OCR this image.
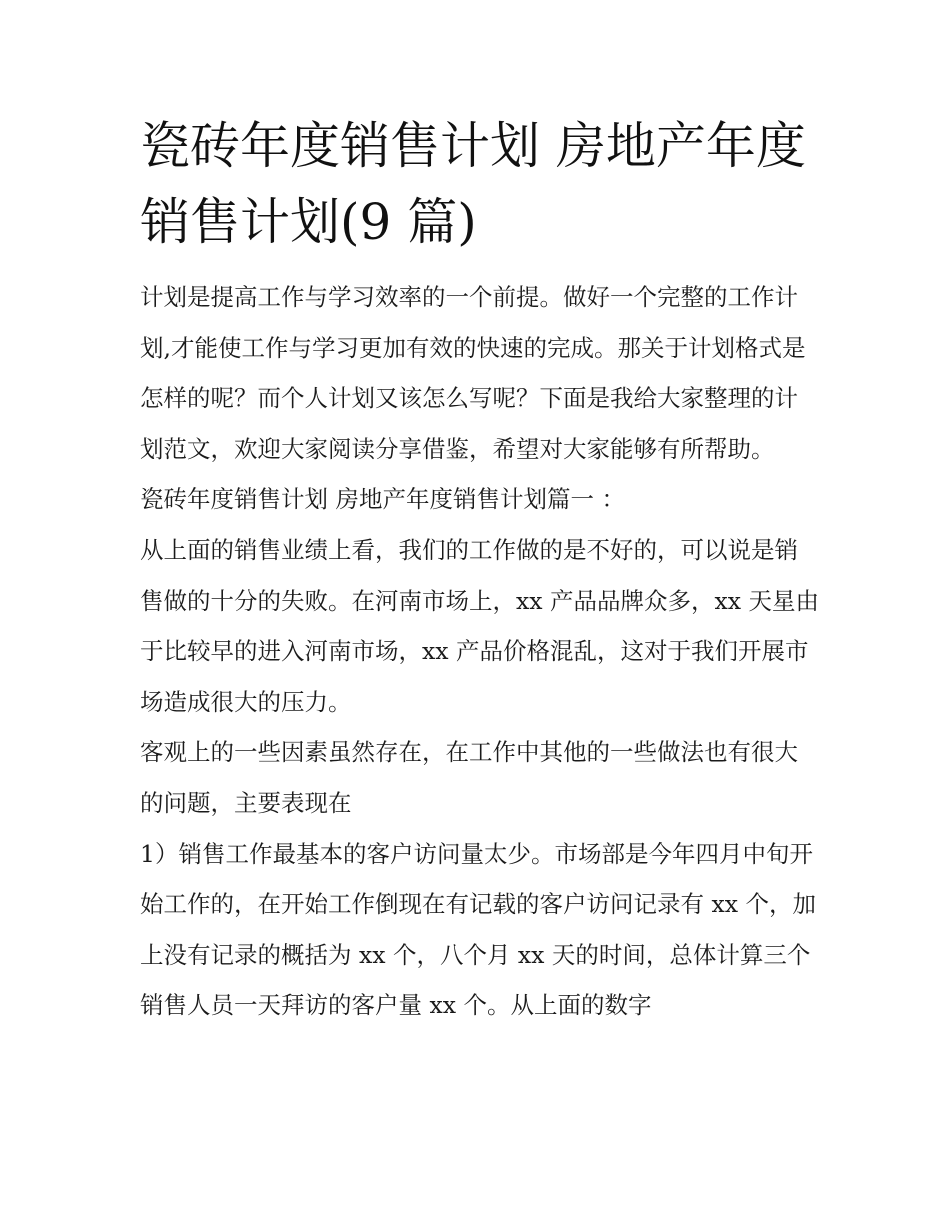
瓷砖年度销售计划 房地产年度销售计划(9 篇)

计划是提高工作与学习效率的一个前提。做好一个完整的工作计划,才能使工作与学习更加有效的快速的完成。那关于计划格式是怎样的呢？而个人计划又该怎么写呢？下面是我给大家整理的计划范文，欢迎大家阅读分享借鉴，希望对大家能够有所帮助。

瓷砖年度销售计划 房地产年度销售计划篇一 ：

从上面的销售业绩上看，我们的工作做的是不好的，可以说是销售做的十分的失败。在河南市场上，xx 产品品牌众多，xx 天星由于比较早的进入河南市场，xx 产品价格混乱，这对于我们开展市场造成很大的压力。

客观上的一些因素虽然存在，在工作中其他的一些做法也有很大的问题，主要表现在

1）销售工作最基本的客户访问量太少。市场部是今年四月中旬开始工作的，在开始工作倒现在有记载的客户访问记录有 xx 个，加上没有记录的概括为 xx 个，八个月 xx 天的时间，总体计算三个销售人员一天拜访的客户量 xx 个。从上面的数字
